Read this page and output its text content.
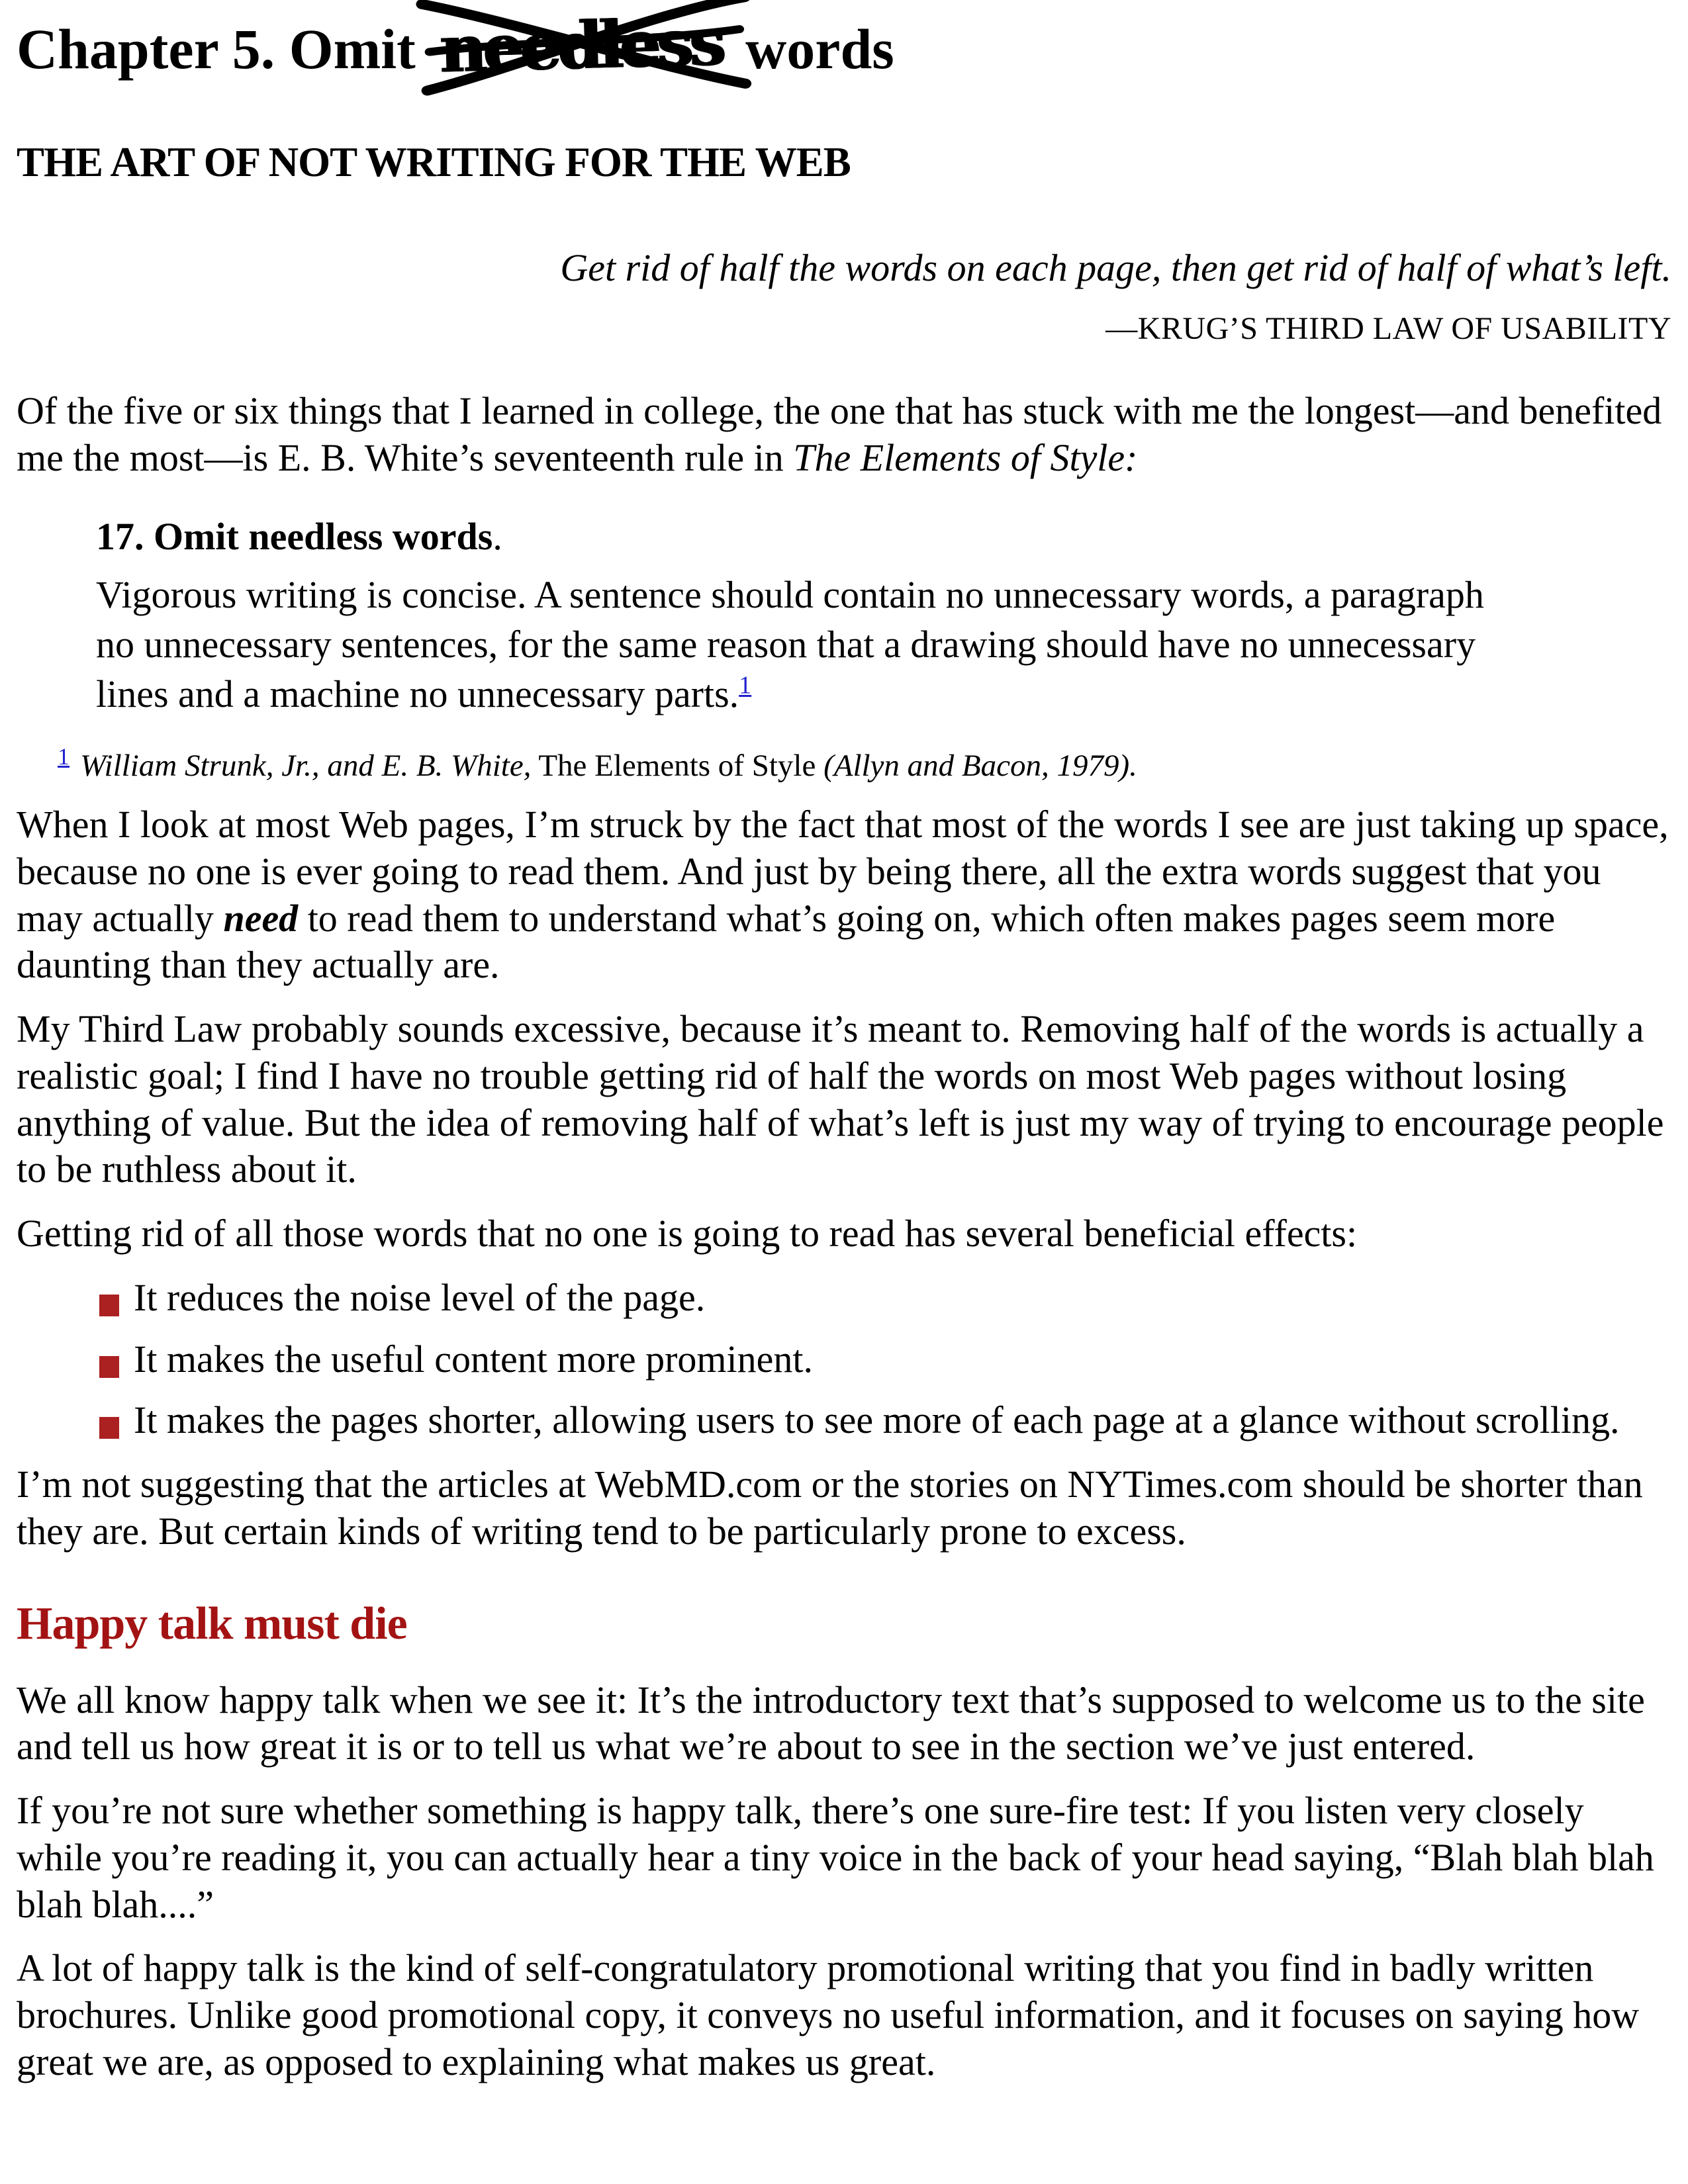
Chapter 5. Omit needless words
THE ART OF NOT WRITING FOR THE WEB
Get rid of half the words on each page, then get rid of half of what’s left.
—KRUG’S THIRD LAW OF USABILITY

Of the five or six things that I learned in college, the one that has stuck with me the longest—and benefited me the most—is E. B. White’s seventeenth rule in The Elements of Style:

17. Omit needless words.
Vigorous writing is concise. A sentence should contain no unnecessary words, a paragraph no unnecessary sentences, for the same reason that a drawing should have no unnecessary lines and a machine no unnecessary parts.$^1$

$^1$ William Strunk, Jr., and E. B. White, The Elements of Style (Allyn and Bacon, 1979).

When I look at most Web pages, I’m struck by the fact that most of the words I see are just taking up space, because no one is ever going to read them. And just by being there, all the extra words suggest that you may actually need to read them to understand what’s going on, which often makes pages seem more daunting than they actually are.

My Third Law probably sounds excessive, because it’s meant to. Removing half of the words is actually a realistic goal; I find I have no trouble getting rid of half the words on most Web pages without losing anything of value. But the idea of removing half of what’s left is just my way of trying to encourage people to be ruthless about it.

Getting rid of all those words that no one is going to read has several beneficial effects:

It reduces the noise level of the page.
It makes the useful content more prominent.
It makes the pages shorter, allowing users to see more of each page at a glance without scrolling.

I’m not suggesting that the articles at WebMD.com or the stories on NYTimes.com should be shorter than they are. But certain kinds of writing tend to be particularly prone to excess.

Happy talk must die

We all know happy talk when we see it: It’s the introductory text that’s supposed to welcome us to the site and tell us how great it is or to tell us what we’re about to see in the section we’ve just entered.

If you’re not sure whether something is happy talk, there’s one sure-fire test: If you listen very closely while you’re reading it, you can actually hear a tiny voice in the back of your head saying, “Blah blah blah blah blah....”

A lot of happy talk is the kind of self-congratulatory promotional writing that you find in badly written brochures. Unlike good promotional copy, it conveys no useful information, and it focuses on saying how great we are, as opposed to explaining what makes us great.
